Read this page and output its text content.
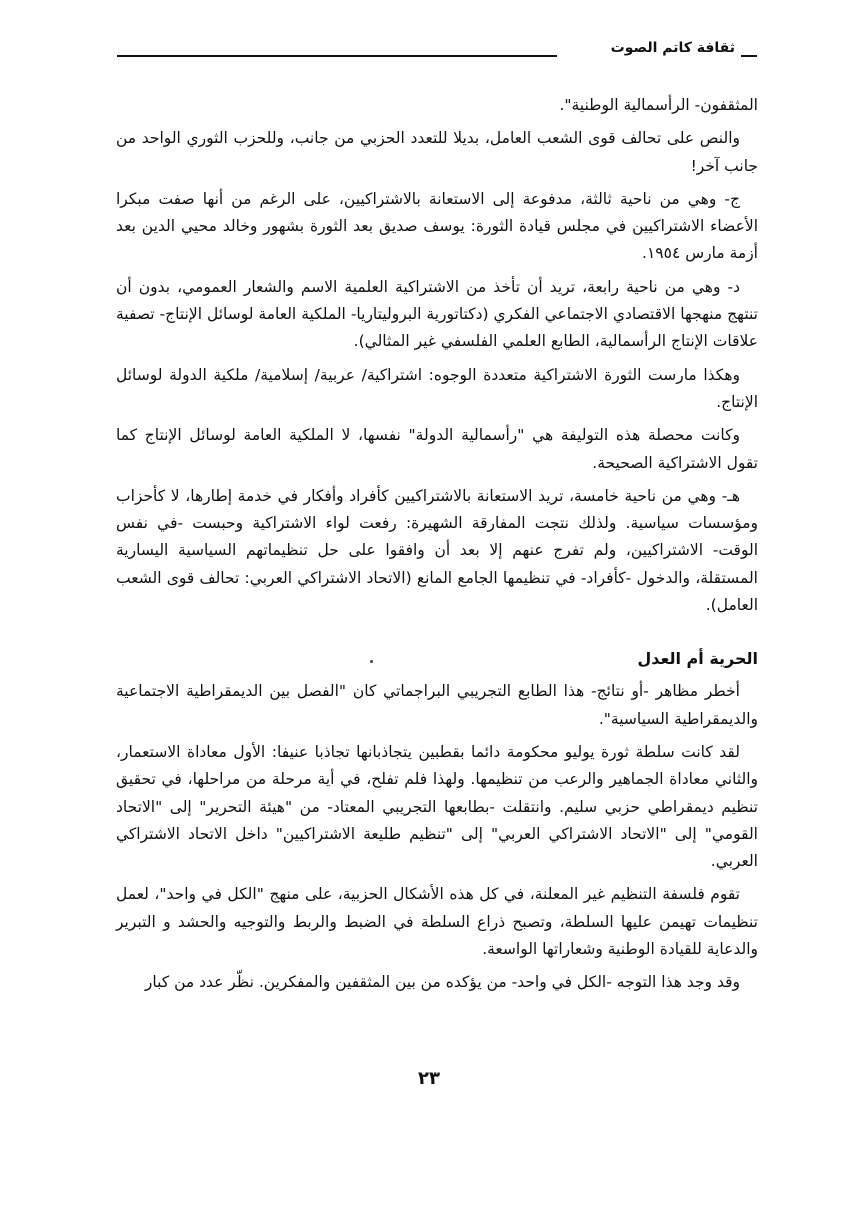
ثقافة كاتم الصوت

المثقفون- الرأسمالية الوطنية".

والنص على تحالف قوى الشعب العامل، بديلا للتعدد الحزبي من جانب، وللحزب الثوري الواحد من جانب آخر!

ج- وهي من ناحية ثالثة، مدفوعة إلى الاستعانة بالاشتراكيين، على الرغم من أنها صفت مبكرا الأعضاء الاشتراكيين في مجلس قيادة الثورة: يوسف صديق بعد الثورة بشهور وخالد محيي الدين بعد أزمة مارس ١٩٥٤.

د- وهي من ناحية رابعة، تريد أن تأخذ من الاشتراكية العلمية الاسم والشعار العمومي، بدون أن تنتهج منهجها الاقتصادي الاجتماعي الفكري (دكتاتورية البروليتاريا- الملكية العامة لوسائل الإنتاج- تصفية علاقات الإنتاج الرأسمالية، الطابع العلمي الفلسفي غير المثالي).

وهكذا مارست الثورة الاشتراكية متعددة الوجوه: اشتراكية/ عربية/ إسلامية/ ملكية الدولة لوسائل الإنتاج.

وكانت محصلة هذه التوليفة هي "رأسمالية الدولة" نفسها، لا الملكية العامة لوسائل الإنتاج كما تقول الاشتراكية الصحيحة.

هـ- وهي من ناحية خامسة، تريد الاستعانة بالاشتراكيين كأفراد وأفكار في خدمة إطارها، لا كأحزاب ومؤسسات سياسية. ولذلك نتجت المفارقة الشهيرة: رفعت لواء الاشتراكية وحبست -في نفس الوقت- الاشتراكيين، ولم تفرج عنهم إلا بعد أن وافقوا على حل تنظيماتهم السياسية اليسارية المستقلة، والدخول -كأفراد- في تنظيمها الجامع المانع (الاتحاد الاشتراكي العربي: تحالف قوى الشعب العامل).

الحرية أم العدل

أخطر مظاهر -أو نتائج- هذا الطابع التجريبي البراجماتي كان "الفصل بين الديمقراطية الاجتماعية والديمقراطية السياسية".

لقد كانت سلطة ثورة يوليو محكومة دائما بقطبين يتجاذبانها تجاذبا عنيفا: الأول معاداة الاستعمار، والثاني معاداة الجماهير والرعب من تنظيمها. ولهذا فلم تفلح، في أية مرحلة من مراحلها، في تحقيق تنظيم ديمقراطي حزبي سليم. وانتقلت -بطابعها التجريبي المعتاد- من "هيئة التحرير" إلى "الاتحاد القومي" إلى "الاتحاد الاشتراكي العربي" إلى "تنظيم طليعة الاشتراكيين" داخل الاتحاد الاشتراكي العربي.

تقوم فلسفة التنظيم غير المعلنة، في كل هذه الأشكال الحزبية، على منهج "الكل في واحد"، لعمل تنظيمات تهيمن عليها السلطة، وتصبح ذراع السلطة في الضبط والربط والتوجيه والحشد و التبرير والدعاية للقيادة الوطنية وشعاراتها الواسعة.

وقد وجد هذا التوجه -الكل في واحد- من يؤكده من بين المثقفين والمفكرين. نظّر عدد من كبار

٢٣
